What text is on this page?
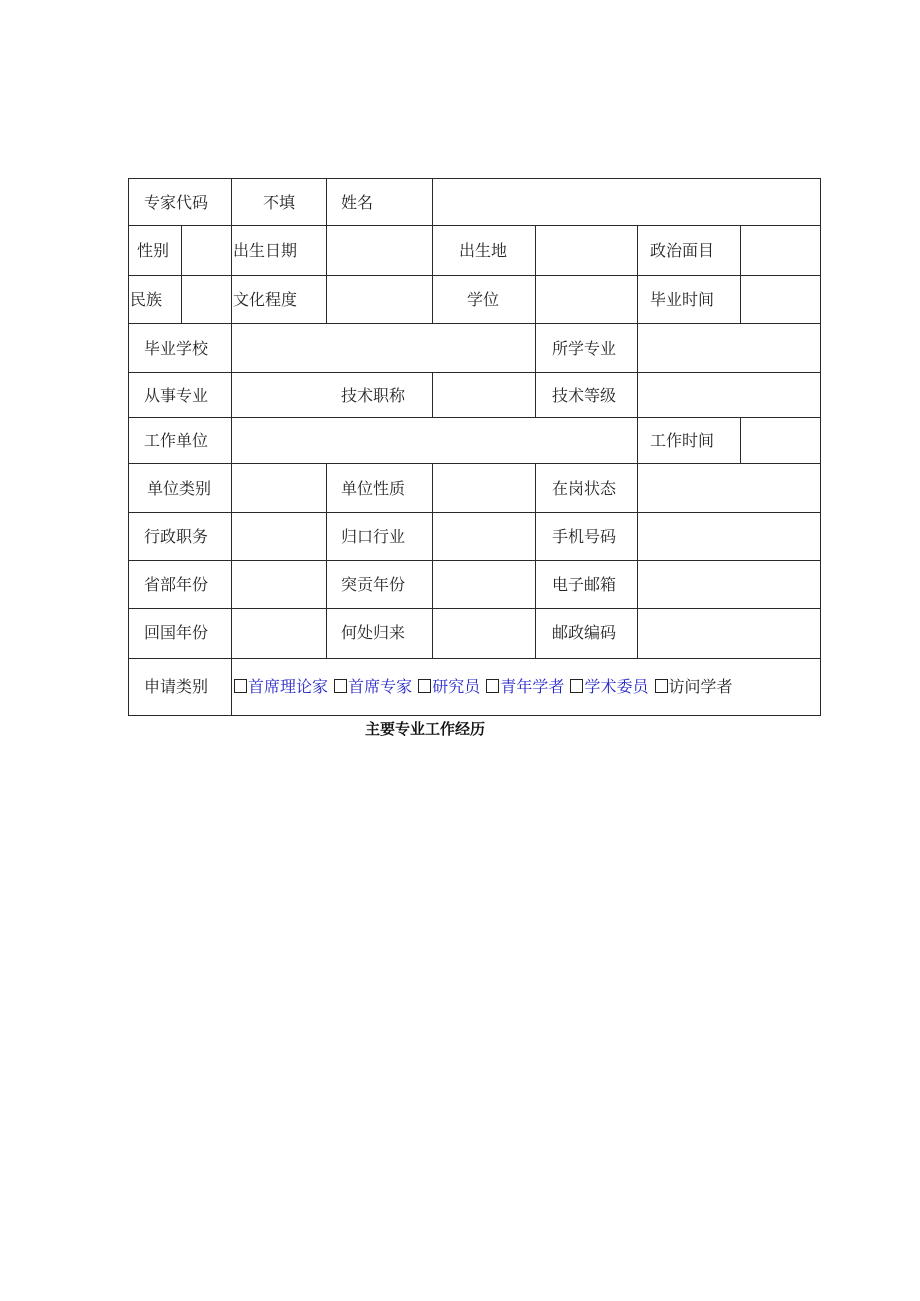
专家代码	不填	姓名
性别	出生日期	出生地	政治面目
民族	文化程度	学位	毕业时间
毕业学校	所学专业
从事专业	技术职称	技术等级
工作单位	工作时间
单位类别	单位性质	在岗状态
行政职务	归口行业	手机号码
省部年份	突贡年份	电子邮箱
回国年份	何处归来	邮政编码
申请类别	首席理论家 首席专家 研究员 青年学者 学术委员 访问学者
主要专业工作经历
